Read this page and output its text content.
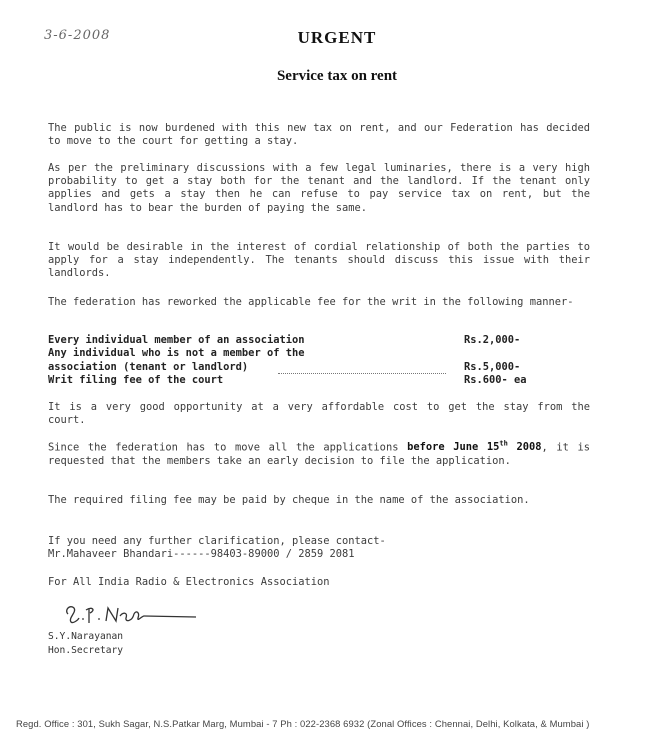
3-6-2008	URGENT
Service tax on rent
The public is now burdened with this new tax on rent, and our Federation has decided to move to the court for getting a stay.
As per the preliminary discussions with a few legal luminaries, there is a very high probability to get a stay both for the tenant and the landlord. If the tenant only applies and gets a stay then he can refuse to pay service tax on rent, but the landlord has to bear the burden of paying the same.
It would be desirable in the interest of cordial relationship of both the parties to apply for a stay independently. The tenants should discuss this issue with their landlords.
The federation has reworked the applicable fee for the writ in the following manner-
Every individual member of an association	Rs.2,000-
Any individual who is not a member of the
association (tenant or landlord)	Rs.5,000-
Writ filing fee of the court	Rs.600- ea
It is a very good opportunity at a very affordable cost to get the stay from the court.
Since the federation has to move all the applications before June 15th 2008, it is requested that the members take an early decision to file the application.
The required filing fee may be paid by cheque in the name of the association.
If you need any further clarification, please contact-
Mr.Mahaveer Bhandari------98403-89000 / 2859 2081
For All India Radio & Electronics Association
S.Y.Narayanan
Hon.Secretary
Regd. Office : 301, Sukh Sagar, N.S.Patkar Marg, Mumbai - 7 Ph : 022-2368 6932 (Zonal Offices : Chennai, Delhi, Kolkata, & Mumbai )
